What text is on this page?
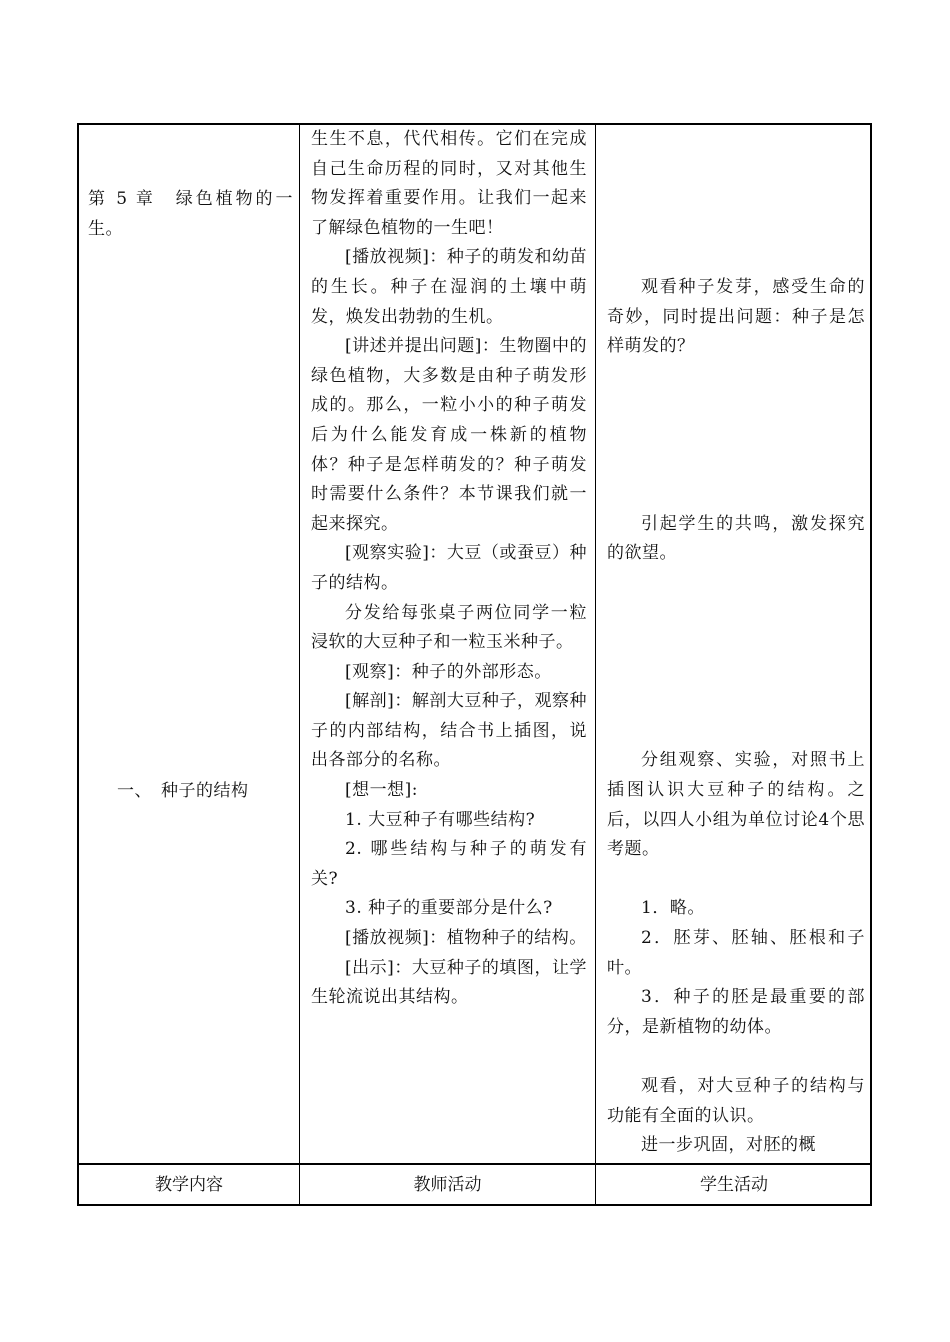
第 5 章　绿色植物的一生。

一、　种子的结构

生生不息，代代相传。它们在完成自己生命历程的同时，又对其他生物发挥着重要作用。让我们一起来了解绿色植物的一生吧！

[播放视频]：种子的萌发和幼苗的生长。种子在湿润的土壤中萌发，焕发出勃勃的生机。

[讲述并提出问题]：生物圈中的绿色植物，大多数是由种子萌发形成的。那么，一粒小小的种子萌发后为什么能发育成一株新的植物体？种子是怎样萌发的？种子萌发时需要什么条件？本节课我们就一起来探究。

[观察实验]：大豆（或蚕豆）种子的结构。

分发给每张桌子两位同学一粒浸软的大豆种子和一粒玉米种子。

[观察]：种子的外部形态。

[解剖]：解剖大豆种子，观察种子的内部结构，结合书上插图，说出各部分的名称。

[想一想]:

1. 大豆种子有哪些结构?

2. 哪些结构与种子的萌发有关?

3. 种子的重要部分是什么?

[播放视频]：植物种子的结构。

[出示]：大豆种子的填图，让学生轮流说出其结构。

观看种子发芽，感受生命的奇妙，同时提出问题：种子是怎样萌发的？

引起学生的共鸣，激发探究的欲望。

分组观察、实验，对照书上插图认识大豆种子的结构。之后，以四人小组为单位讨论4个思考题。

1．略。

2．胚芽、胚轴、胚根和子叶。

3．种子的胚是最重要的部分，是新植物的幼体。

观看，对大豆种子的结构与功能有全面的认识。

进一步巩固，对胚的概

教学内容	教师活动	学生活动
